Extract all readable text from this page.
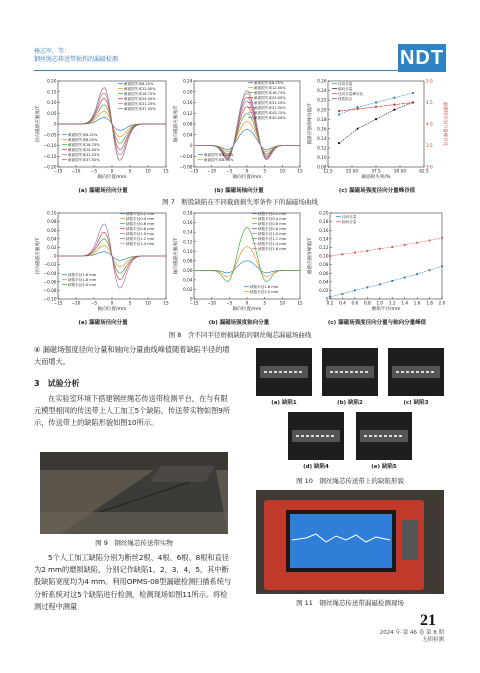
杨志军，等：
钢丝绳芯传送带损伤的漏磁检测	NDT
0.20
0.15
0.10
0.05
0
−0.05
−0.10
−0.15
−0.20
−15 −10 −5	0	5	10	15
轴向位置/mm
径向磁感应强度/T
截面损失率6.25%
截面损失率12.50%
截面损失率18.75%
截面损失率25.00%
截面损失率31.25%
截面损失率37.50%
截面损失率6.25%
截面损失率6.00%
截面损失率18.75%
截面损失率25.00%
截面损失率31.25%
截面损失率37.50%
0.24
0.20
0.16
0.12
0.08
0.04
0
−0.04
−0.08
−15 −10 −5	0	5	10	15
轴向位置/mm
轴向磁感应强度/T
截面损失率6.25%
截面损失率12.50%
截面损失率18.75%
截面损失率25.00%
截面损失率31.25%
截面损失率37.50%
截面损失率43.75%
截面损失率50.00%
截面损失率6.25%
截面损失率6.00%
0.26
0.24
0.22
0.20
0.18
0.16
0.14
0.12
0.10
0.08
12.5	25.00	37.5	50.00	62.5
截面损失率/%
磁感应强度峰谷值/T
5.0
4.5
4.0
3.5
3.0
漏磁场径向分量峰谷比
径向分量
轴向分量
径向分量峰谷比
线性拟合
(a) 漏磁场径向分量	(b) 漏磁场轴向分量	(c) 漏磁场强度径向分量峰谷值
图 7　断股缺陷在不同截面损失率条件下的漏磁场曲线
0.10
0.08
0.06
0.04
0.02
0
−0.02
−0.04
−0.06
−0.08
−0.10
−15 −10 −5	0	5	10	15
轴向位置/mm
径向磁感应强度/T
缺陷半径0.2 mm
缺陷半径0.4 mm
缺陷半径0.6 mm
缺陷半径0.8 mm
缺陷半径1.0 mm
缺陷半径1.2 mm
缺陷半径1.4 mm
缺陷半径1.6 mm
缺陷半径1.8 mm
缺陷半径2.0 mm
0.18
0.16
0.14
0.12
0.10
0.08
0.06
0.04
0.02
0
−15 −10 −5	0	5	10	15
轴向位置/mm
轴向磁感应强度/T
缺陷半径0.2 mm
缺陷半径0.4 mm
缺陷半径0.6 mm
缺陷半径0.8 mm
缺陷半径1.0 mm
缺陷半径1.2 mm
缺陷半径1.4 mm
缺陷半径1.6 mm
缺陷半径1.8 mm
缺陷半径2.0 mm
0.20
0.18
0.16
0.14
0.12
0.10
0.08
0.06
0.04
0.02
0
0.2 0.4 0.6 0.8 1.0 1.2 1.4 1.6 1.8 2.0
磨损半径/mm
磁感应强度峰值/T
径向分量
轴向分量
(a) 漏磁场径向分量	(b) 漏磁场强度轴向分量	(c) 漏磁场强度径向分量与轴向分量峰值
图 8　含不同半径磨损缺陷的钢丝绳芯漏磁场曲线
④ 漏磁场强度径向分量和轴向分量曲线峰值随着缺陷半径的增大而增大。
3　试验分析
在实验室环境下搭建钢丝绳芯传送带检测平台，在与有限元模型相同的传送带上人工加工5个缺陷，传送带实物如图9所示，传送带上的缺陷形貌如图10所示。
图 9　钢丝绳芯传送带实物
5个人工加工缺陷分别为断丝2根、4根、6根、8根和直径为2 mm的磨损缺陷，分别记作缺陷1，2，3，4，5，其中断股缺陷宽度均为4 mm。利用OPMS-08型漏磁检测扫描系统与分析系统对这5个缺陷进行检测，检测现场如图11所示。将检测过程中测量
(a) 缺陷1	(b) 缺陷2	(c) 缺陷3
(d) 缺陷4	(e) 缺陷5
图 10　钢丝绳芯传送带上的缺陷形貌
图 11　钢丝绳芯传送带漏磁检测现场
21
2024 年 第 46 卷 第 8 期
无损检测
